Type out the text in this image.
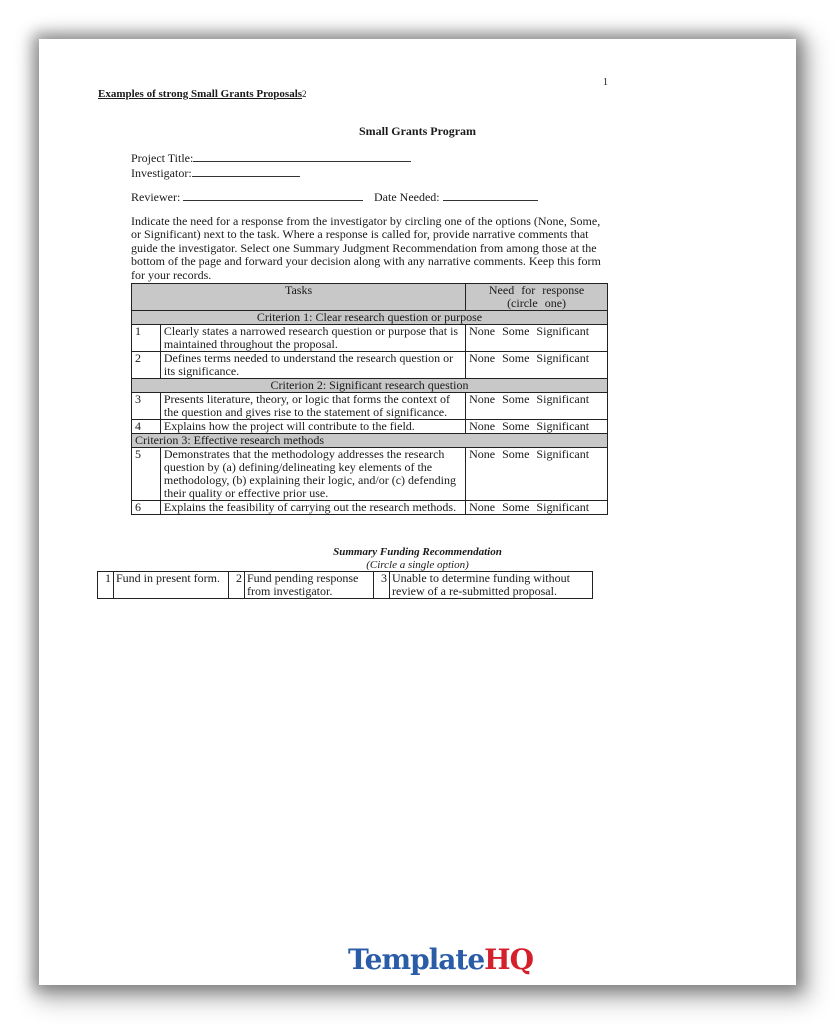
1
Examples of strong Small Grants Proposals2
Small Grants Program
Project Title:
Investigator:
Reviewer:	Date Needed:
Indicate the need for a response from the investigator by circling one of the options (None, Some, or Significant) next to the task. Where a response is called for, provide narrative comments that guide the investigator. Select one Summary Judgment Recommendation from among those at the bottom of the page and forward your decision along with any narrative comments. Keep this form for your records.
Tasks		Need for response
(circle one)
Criterion 1: Clear research question or purpose		
1	Clearly states a narrowed research question or purpose that is maintained throughout the proposal.	None Some Significant
2	Defines terms needed to understand the research question or its significance.	None Some Significant
Criterion 2: Significant research question		
3	Presents literature, theory, or logic that forms the context of the question and gives rise to the statement of significance.	None Some Significant
4	Explains how the project will contribute to the field.	None Some Significant
Criterion 3: Effective research methods		
5	Demonstrates that the methodology addresses the research question by (a) defining/delineating key elements of the methodology, (b) explaining their logic, and/or (c) defending their quality or effective prior use.	None Some Significant
6	Explains the feasibility of carrying out the research methods.	None Some Significant
Summary Funding Recommendation
(Circle a single option)
1	Fund in present form.	2	Fund pending response from investigator.	3	Unable to determine funding without review of a re-submitted proposal.
TemplateHQ
